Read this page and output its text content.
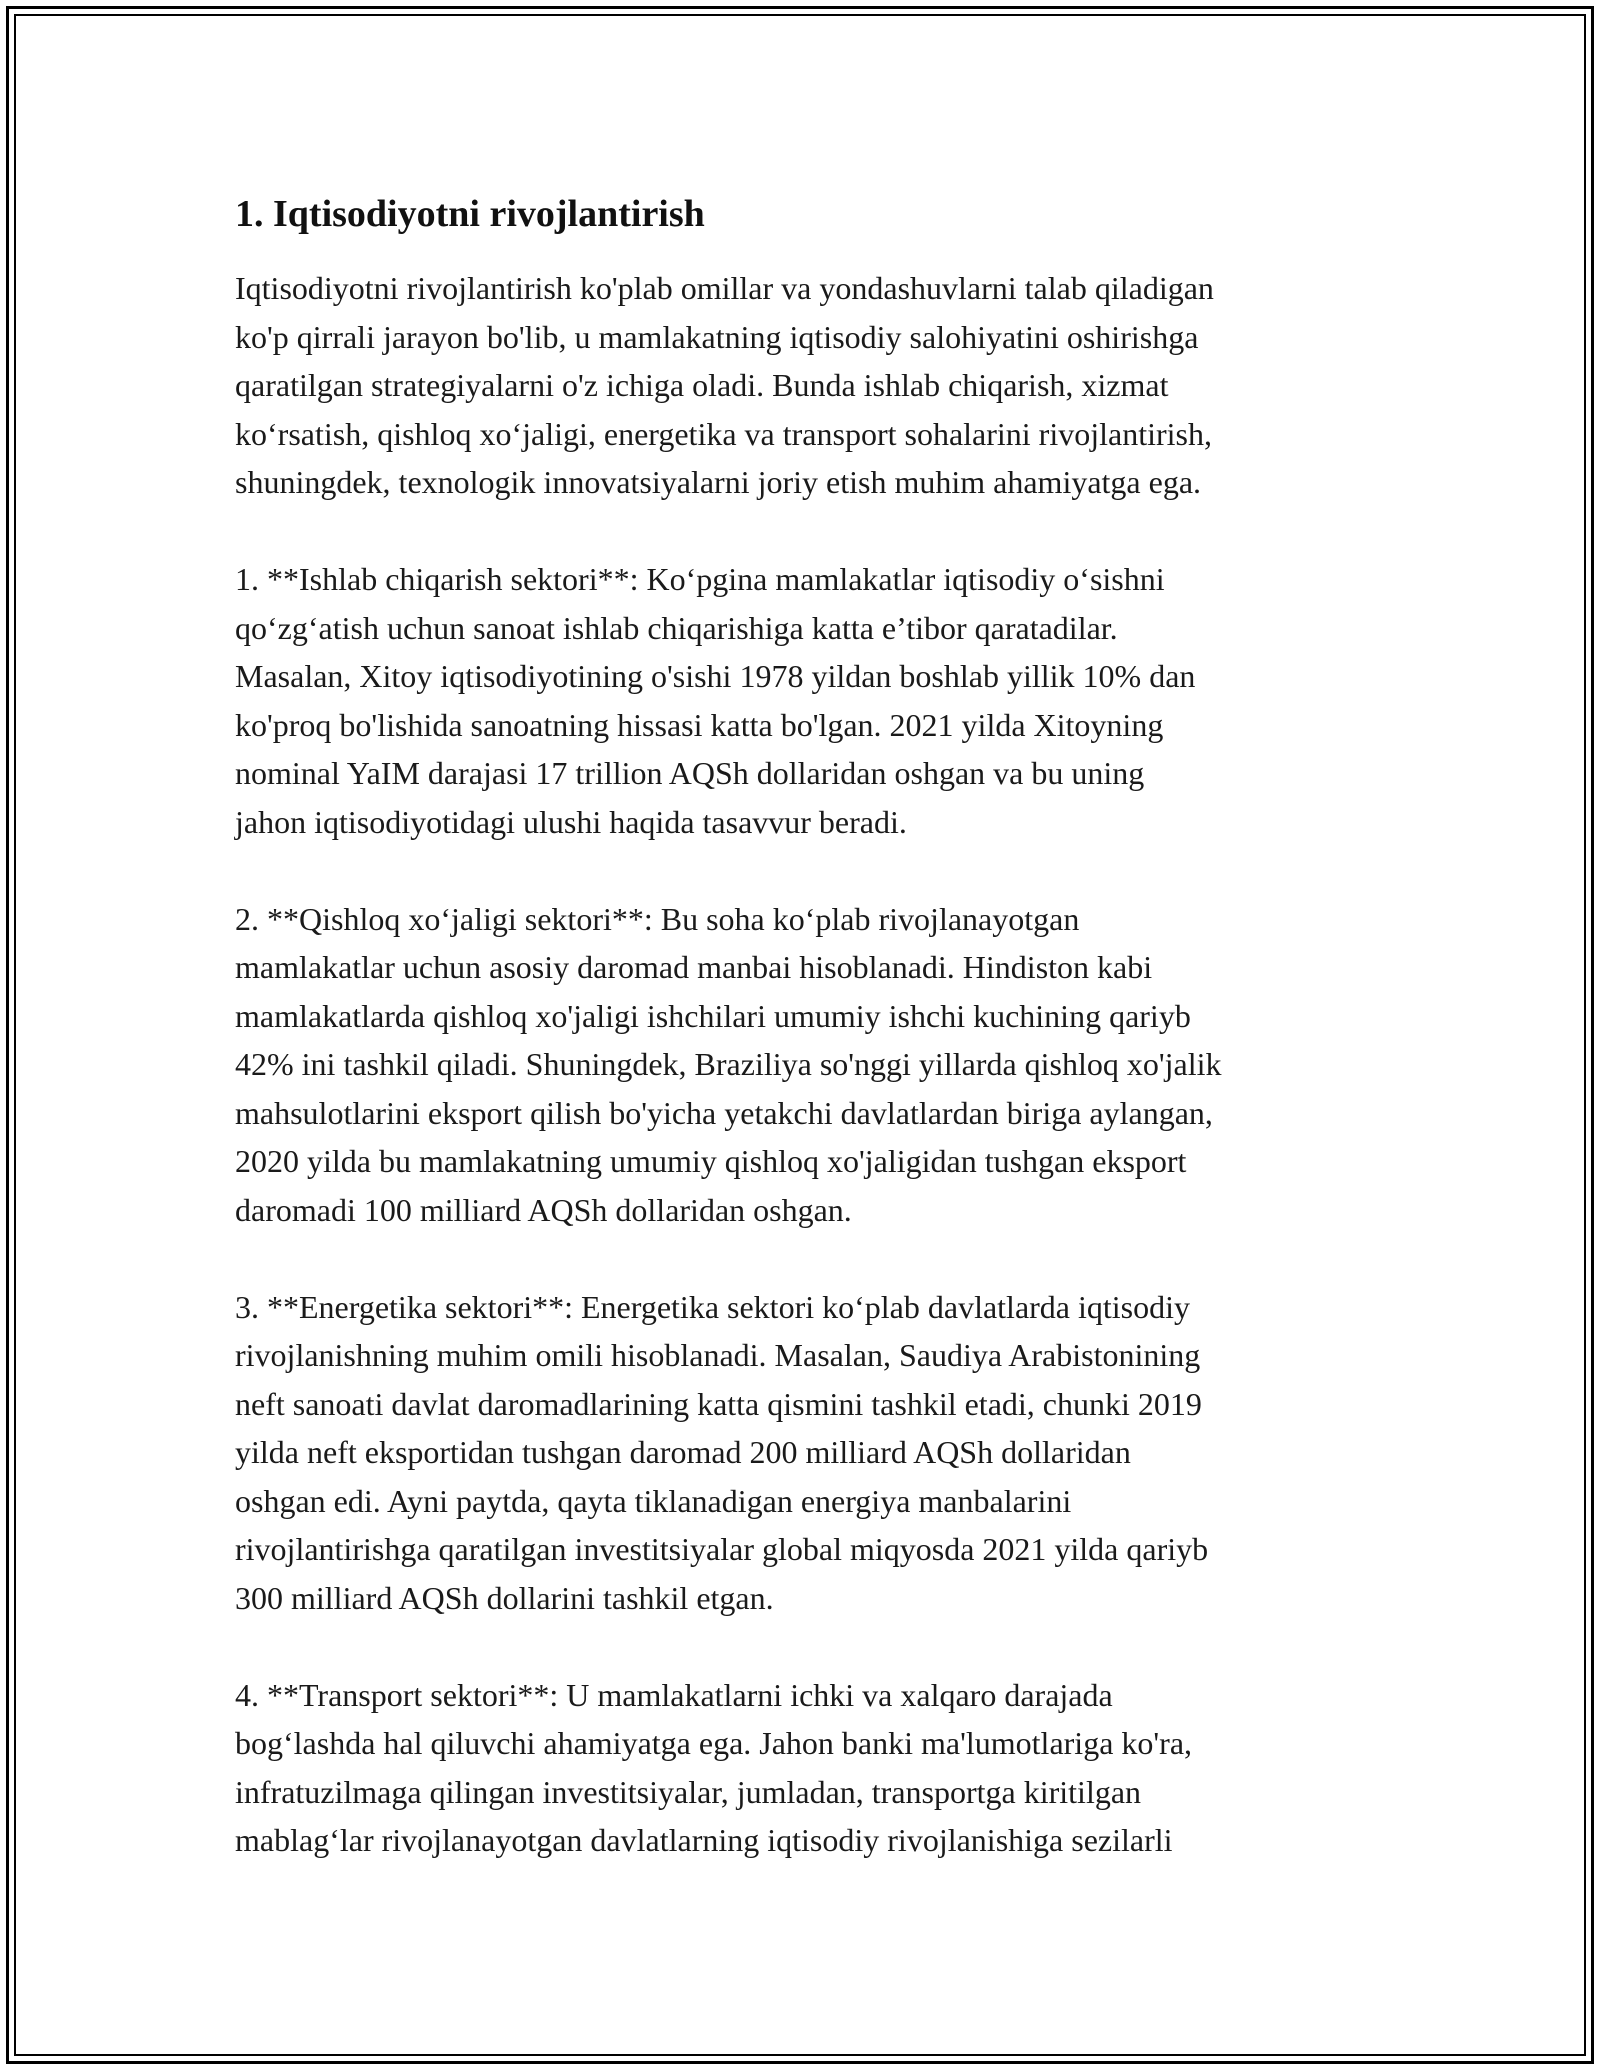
1. Iqtisodiyotni rivojlantirish

Iqtisodiyotni rivojlantirish ko'plab omillar va yondashuvlarni talab qiladigan
ko'p qirrali jarayon bo'lib, u mamlakatning iqtisodiy salohiyatini oshirishga
qaratilgan strategiyalarni o'z ichiga oladi. Bunda ishlab chiqarish, xizmat
ko‘rsatish, qishloq xo‘jaligi, energetika va transport sohalarini rivojlantirish,
shuningdek, texnologik innovatsiyalarni joriy etish muhim ahamiyatga ega.

1. **Ishlab chiqarish sektori**: Ko‘pgina mamlakatlar iqtisodiy o‘sishni
qo‘zg‘atish uchun sanoat ishlab chiqarishiga katta e’tibor qaratadilar.
Masalan, Xitoy iqtisodiyotining o'sishi 1978 yildan boshlab yillik 10% dan
ko'proq bo'lishida sanoatning hissasi katta bo'lgan. 2021 yilda Xitoyning
nominal YaIM darajasi 17 trillion AQSh dollaridan oshgan va bu uning
jahon iqtisodiyotidagi ulushi haqida tasavvur beradi.

2. **Qishloq xo‘jaligi sektori**: Bu soha ko‘plab rivojlanayotgan
mamlakatlar uchun asosiy daromad manbai hisoblanadi. Hindiston kabi
mamlakatlarda qishloq xo'jaligi ishchilari umumiy ishchi kuchining qariyb
42% ini tashkil qiladi. Shuningdek, Braziliya so'nggi yillarda qishloq xo'jalik
mahsulotlarini eksport qilish bo'yicha yetakchi davlatlardan biriga aylangan,
2020 yilda bu mamlakatning umumiy qishloq xo'jaligidan tushgan eksport
daromadi 100 milliard AQSh dollaridan oshgan.

3. **Energetika sektori**: Energetika sektori ko‘plab davlatlarda iqtisodiy
rivojlanishning muhim omili hisoblanadi. Masalan, Saudiya Arabistonining
neft sanoati davlat daromadlarining katta qismini tashkil etadi, chunki 2019
yilda neft eksportidan tushgan daromad 200 milliard AQSh dollaridan
oshgan edi. Ayni paytda, qayta tiklanadigan energiya manbalarini
rivojlantirishga qaratilgan investitsiyalar global miqyosda 2021 yilda qariyb
300 milliard AQSh dollarini tashkil etgan.

4. **Transport sektori**: U mamlakatlarni ichki va xalqaro darajada
bog‘lashda hal qiluvchi ahamiyatga ega. Jahon banki ma'lumotlariga ko'ra,
infratuzilmaga qilingan investitsiyalar, jumladan, transportga kiritilgan
mablag‘lar rivojlanayotgan davlatlarning iqtisodiy rivojlanishiga sezilarli
